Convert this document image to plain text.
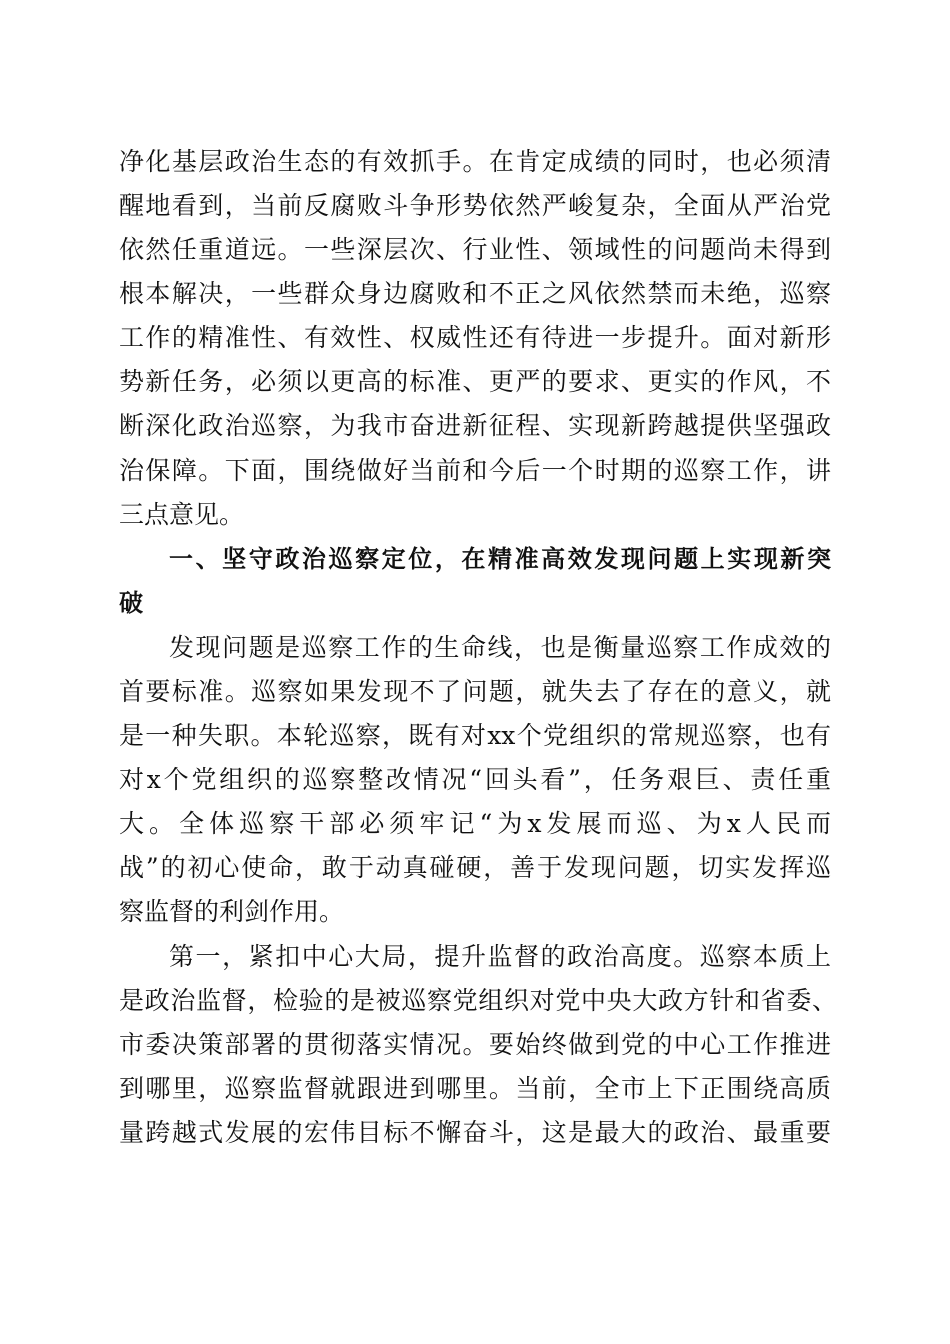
净化基层政治生态的有效抓手。在肯定成绩的同时，也必须清
醒地看到，当前反腐败斗争形势依然严峻复杂，全面从严治党
依然任重道远。一些深层次、行业性、领域性的问题尚未得到
根本解决，一些群众身边腐败和不正之风依然禁而未绝，巡察
工作的精准性、有效性、权威性还有待进一步提升。面对新形
势新任务，必须以更高的标准、更严的要求、更实的作风，不
断深化政治巡察，为我市奋进新征程、实现新跨越提供坚强政
治保障。下面，围绕做好当前和今后一个时期的巡察工作，讲
三点意见。
一、坚守政治巡察定位，在精准高效发现问题上实现新突
破
发现问题是巡察工作的生命线，也是衡量巡察工作成效的
首要标准。巡察如果发现不了问题，就失去了存在的意义，就
是一种失职。本轮巡察，既有对xx个党组织的常规巡察，也有
对x个党组织的巡察整改情况“回头看”，任务艰巨、责任重
大。全体巡察干部必须牢记“为x发展而巡、为x人民而
战”的初心使命，敢于动真碰硬，善于发现问题，切实发挥巡
察监督的利剑作用。
第一，紧扣中心大局，提升监督的政治高度。巡察本质上
是政治监督，检验的是被巡察党组织对党中央大政方针和省委、
市委决策部署的贯彻落实情况。要始终做到党的中心工作推进
到哪里，巡察监督就跟进到哪里。当前，全市上下正围绕高质
量跨越式发展的宏伟目标不懈奋斗，这是最大的政治、最重要
